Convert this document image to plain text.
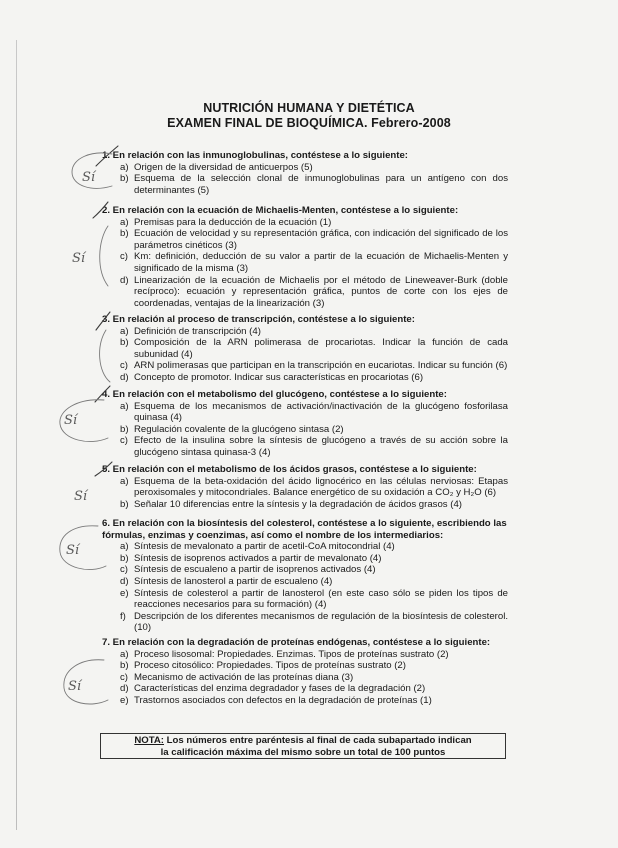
NUTRICIÓN HUMANA Y DIETÉTICA
EXAMEN FINAL DE BIOQUÍMICA. Febrero-2008
1. En relación con las inmunoglobulinas, contéstese a lo siguiente:
a) Origen de la diversidad de anticuerpos (5)
b) Esquema de la selección clonal de inmunoglobulinas para un antígeno con dos determinantes (5)
2. En relación con la ecuación de Michaelis-Menten, contéstese a lo siguiente:
a) Premisas para la deducción de la ecuación (1)
b) Ecuación de velocidad y su representación gráfica, con indicación del significado de los parámetros cinéticos (3)
c) Km: definición, deducción de su valor a partir de la ecuación de Michaelis-Menten y significado de la misma (3)
d) Linearización de la ecuación de Michaelis por el método de Lineweaver-Burk (doble recíproco): ecuación y representación gráfica, puntos de corte con los ejes de coordenadas, ventajas de la linearización (3)
3. En relación al proceso de transcripción, contéstese a lo siguiente:
a) Definición de transcripción (4)
b) Composición de la ARN polimerasa de procariotas. Indicar la función de cada subunidad (4)
c) ARN polimerasas que participan en la transcripción en eucariotas. Indicar su función (6)
d) Concepto de promotor. Indicar sus características en procariotas (6)
4. En relación con el metabolismo del glucógeno, contéstese a lo siguiente:
a) Esquema de los mecanismos de activación/inactivación de la glucógeno fosforilasa quinasa (4)
b) Regulación covalente de la glucógeno sintasa (2)
c) Efecto de la insulina sobre la síntesis de glucógeno a través de su acción sobre la glucógeno sintasa quinasa-3 (4)
5. En relación con el metabolismo de los ácidos grasos, contéstese a lo siguiente:
a) Esquema de la beta-oxidación del ácido lignocérico en las células nerviosas: Etapas peroxisomales y mitocondriales. Balance energético de su oxidación a CO₂ y H₂O (6)
b) Señalar 10 diferencias entre la síntesis y la degradación de ácidos grasos (4)
6. En relación con la biosíntesis del colesterol, contéstese a lo siguiente, escribiendo las fórmulas, enzimas y coenzimas, así como el nombre de los intermediarios:
a) Síntesis de mevalonato a partir de acetil-CoA mitocondrial (4)
b) Síntesis de isoprenos activados a partir de mevalonato (4)
c) Síntesis de escualeno a partir de isoprenos activados (4)
d) Síntesis de lanosterol a partir de escualeno (4)
e) Síntesis de colesterol a partir de lanosterol (en este caso sólo se piden los tipos de reacciones necesarios para su formación) (4)
f) Descripción de los diferentes mecanismos de regulación de la biosíntesis de colesterol. (10)
7. En relación con la degradación de proteínas endógenas, contéstese a lo siguiente:
a) Proceso lisosomal: Propiedades. Enzimas. Tipos de proteínas sustrato (2)
b) Proceso citosólico: Propiedades. Tipos de proteínas sustrato (2)
c) Mecanismo de activación de las proteínas diana (3)
d) Características del enzima degradador y fases de la degradación (2)
e) Trastornos asociados con defectos en la degradación de proteínas (1)
NOTA: Los números entre paréntesis al final de cada subapartado indican
la calificación máxima del mismo sobre un total de 100 puntos
Sí
Sí
Sí
Sí
Sí
Sí
